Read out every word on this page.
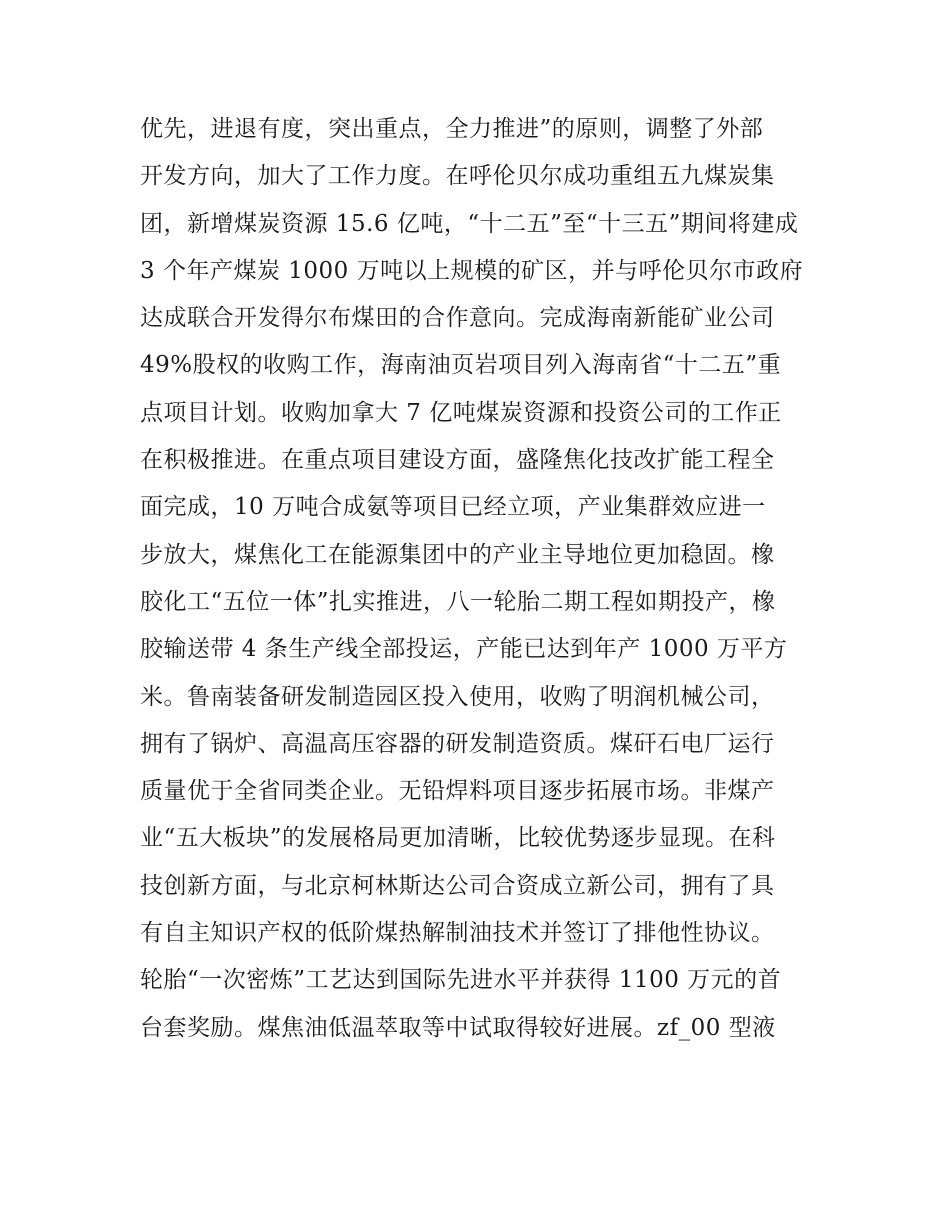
优先，进退有度，突出重点，全力推进”的原则，调整了外部
开发方向，加大了工作力度。在呼伦贝尔成功重组五九煤炭集
团，新增煤炭资源 15.6 亿吨，“十二五”至“十三五”期间将建成
3 个年产煤炭 1000 万吨以上规模的矿区，并与呼伦贝尔市政府
达成联合开发得尔布煤田的合作意向。完成海南新能矿业公司
49%股权的收购工作，海南油页岩项目列入海南省“十二五”重
点项目计划。收购加拿大 7 亿吨煤炭资源和投资公司的工作正
在积极推进。在重点项目建设方面，盛隆焦化技改扩能工程全
面完成，10 万吨合成氨等项目已经立项，产业集群效应进一
步放大，煤焦化工在能源集团中的产业主导地位更加稳固。橡
胶化工“五位一体”扎实推进，八一轮胎二期工程如期投产，橡
胶输送带 4 条生产线全部投运，产能已达到年产 1000 万平方
米。鲁南装备研发制造园区投入使用，收购了明润机械公司，
拥有了锅炉、高温高压容器的研发制造资质。煤矸石电厂运行
质量优于全省同类企业。无铅焊料项目逐步拓展市场。非煤产
业“五大板块”的发展格局更加清晰，比较优势逐步显现。在科
技创新方面，与北京柯林斯达公司合资成立新公司，拥有了具
有自主知识产权的低阶煤热解制油技术并签订了排他性协议。
轮胎“一次密炼”工艺达到国际先进水平并获得 1100 万元的首
台套奖励。煤焦油低温萃取等中试取得较好进展。zf_00 型液
